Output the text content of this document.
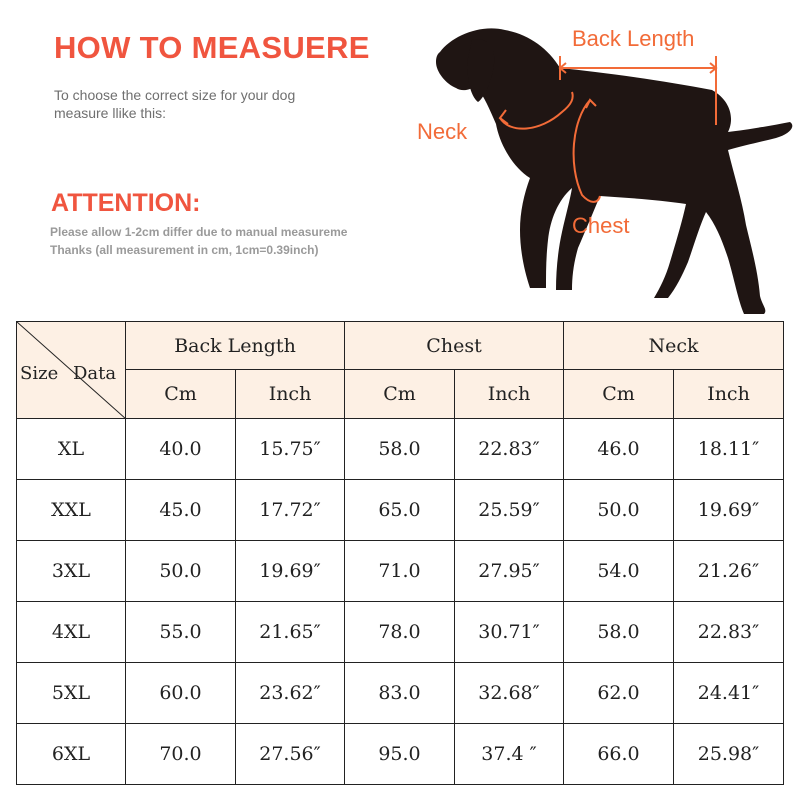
HOW TO MEASUERE
To choose the correct size for your dog
measure llike this:
ATTENTION:
Please allow 1-2cm differ due to manual measureme
Thanks (all measurement in cm, 1cm=0.39inch)
Back Length
Neck
Chest
Size Data	Back Length		Chest		Neck	
	Cm	Inch	Cm	Inch	Cm	Inch
XL	40.0	15.75″	58.0	22.83″	46.0	18.11″
XXL	45.0	17.72″	65.0	25.59″	50.0	19.69″
3XL	50.0	19.69″	71.0	27.95″	54.0	21.26″
4XL	55.0	21.65″	78.0	30.71″	58.0	22.83″
5XL	60.0	23.62″	83.0	32.68″	62.0	24.41″
6XL	70.0	27.56″	95.0	37.4 ″	66.0	25.98″
